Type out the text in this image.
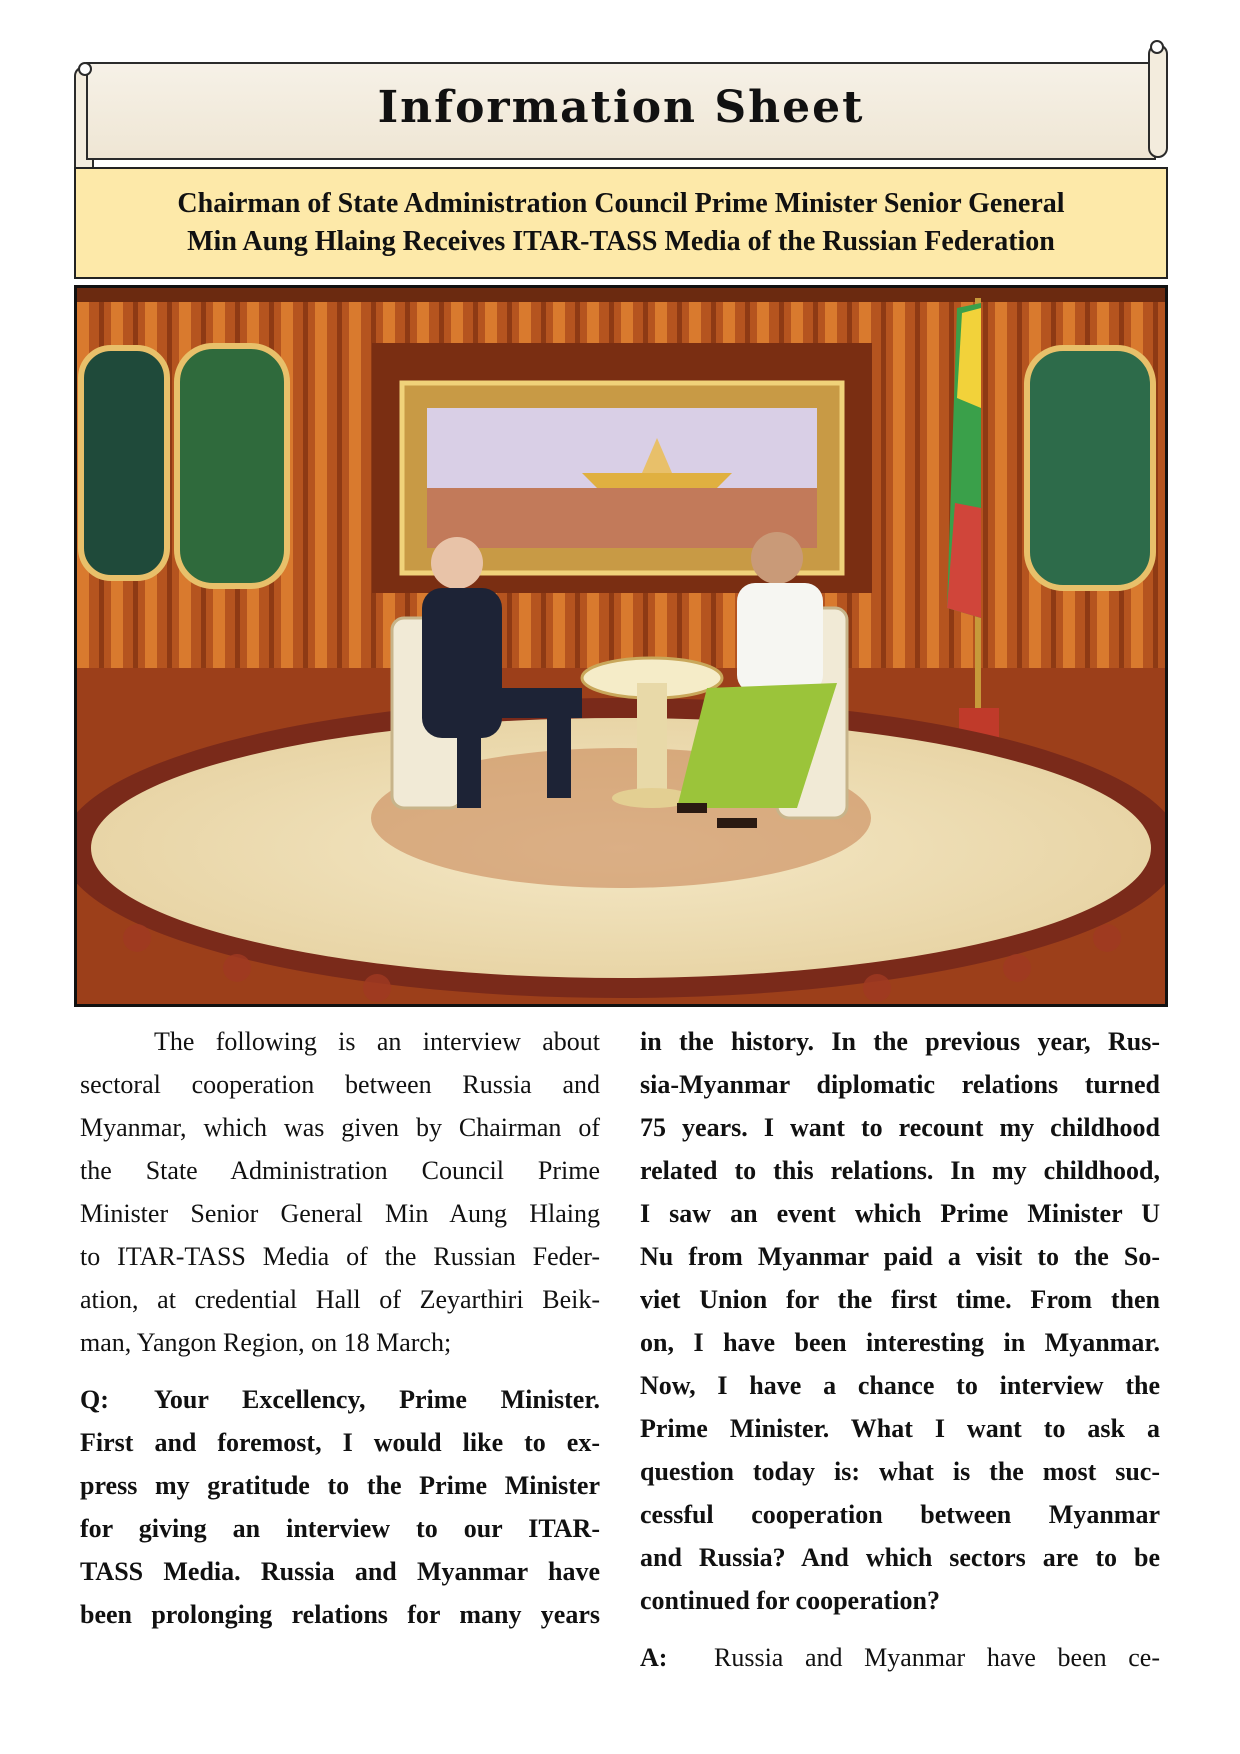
Information Sheet
Chairman of State Administration Council Prime Minister Senior General
Min Aung Hlaing Receives ITAR-TASS Media of the Russian Federation
The following is an interview about
sectoral cooperation between Russia and
Myanmar, which was given by Chairman of
the State Administration Council Prime
Minister Senior General Min Aung Hlaing
to ITAR-TASS Media of the Russian Feder-
ation, at credential Hall of Zeyarthiri Beik-
man, Yangon Region, on 18 March;
Q: Your Excellency, Prime Minister.
First and foremost, I would like to ex-
press my gratitude to the Prime Minister
for giving an interview to our ITAR-
TASS Media. Russia and Myanmar have
been prolonging relations for many years
in the history. In the previous year, Rus-
sia-Myanmar diplomatic relations turned
75 years. I want to recount my childhood
related to this relations. In my childhood,
I saw an event which Prime Minister U
Nu from Myanmar paid a visit to the So-
viet Union for the first time. From then
on, I have been interesting in Myanmar.
Now, I have a chance to interview the
Prime Minister. What I want to ask a
question today is: what is the most suc-
cessful cooperation between Myanmar
and Russia? And which sectors are to be
continued for cooperation?
A: Russia and Myanmar have been ce-
